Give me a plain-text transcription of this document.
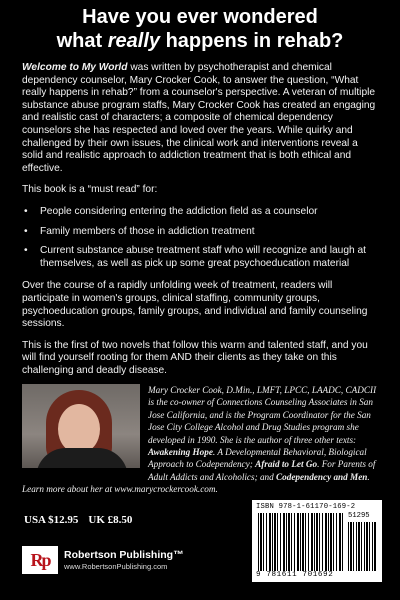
Have you ever wondered
what really happens in rehab?

Welcome to My World was written by psychotherapist and chemical dependency counselor, Mary Crocker Cook, to answer the question, “What really happens in rehab?” from a counselor's perspective. A veteran of multiple substance abuse program staffs, Mary Crocker Cook has created an engaging and realistic cast of characters; a composite of chemical dependency counselors she has respected and loved over the years. While quirky and challenged by their own issues, the clinical work and interventions reveal a solid and realistic approach to addiction treatment that is both ethical and effective.

This book is a “must read” for:

• People considering entering the addiction field as a counselor
• Family members of those in addiction treatment
• Current substance abuse treatment staff who will recognize and laugh at themselves, as well as pick up some great psychoeducation material

Over the course of a rapidly unfolding week of treatment, readers will participate in women's groups, clinical staffing, community groups, psychoeducation groups, family groups, and individual and family counseling sessions.

This is the first of two novels that follow this warm and talented staff, and you will find yourself rooting for them AND their clients as they take on this challenging and deadly disease.

Mary Crocker Cook, D.Min., LMFT, LPCC, LAADC, CADCII is the co-owner of Connections Counseling Associates in San Jose California, and is the Program Coordinator for the San Jose City College Alcohol and Drug Studies program she developed in 1990. She is the author of three other texts: Awakening Hope. A Developmental Behavioral, Biological Approach to Codependency; Afraid to Let Go. For Parents of Adult Addicts and Alcoholics; and Codependency and Men. Learn more about her at www.marycrockercook.com.
USA $12.95 UK £8.50
Rp	Robertson Publishing™
www.RobertsonPublishing.com
ISBN 978-1-61170-169-2
51295
9 781611 701692
